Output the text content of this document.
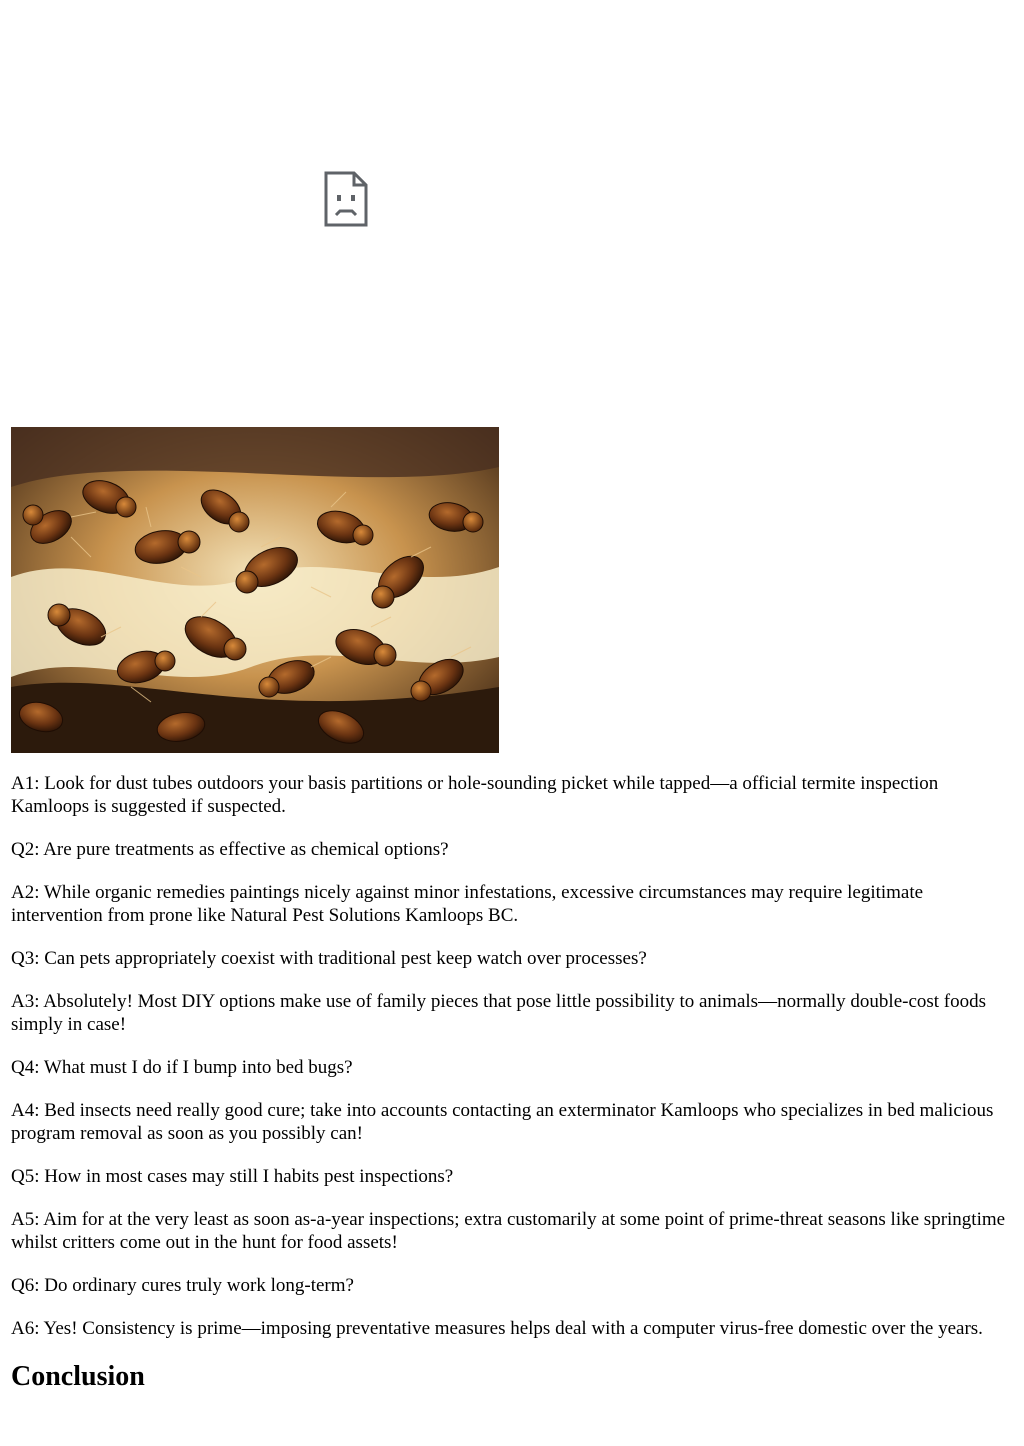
A1: Look for dust tubes outdoors your basis partitions or hole-sounding picket while tapped—a official termite inspection Kamloops is suggested if suspected.

Q2: Are pure treatments as effective as chemical options?

A2: While organic remedies paintings nicely against minor infestations, excessive circumstances may require legitimate intervention from prone like Natural Pest Solutions Kamloops BC.

Q3: Can pets appropriately coexist with traditional pest keep watch over processes?

A3: Absolutely! Most DIY options make use of family pieces that pose little possibility to animals—normally double-cost foods simply in case!

Q4: What must I do if I bump into bed bugs?

A4: Bed insects need really good cure; take into accounts contacting an exterminator Kamloops who specializes in bed malicious program removal as soon as you possibly can!

Q5: How in most cases may still I habits pest inspections?

A5: Aim for at the very least as soon as-a-year inspections; extra customarily at some point of prime-threat seasons like springtime whilst critters come out in the hunt for food assets!

Q6: Do ordinary cures truly work long-term?

A6: Yes! Consistency is prime—imposing preventative measures helps deal with a computer virus-free domestic over the years.

Conclusion
